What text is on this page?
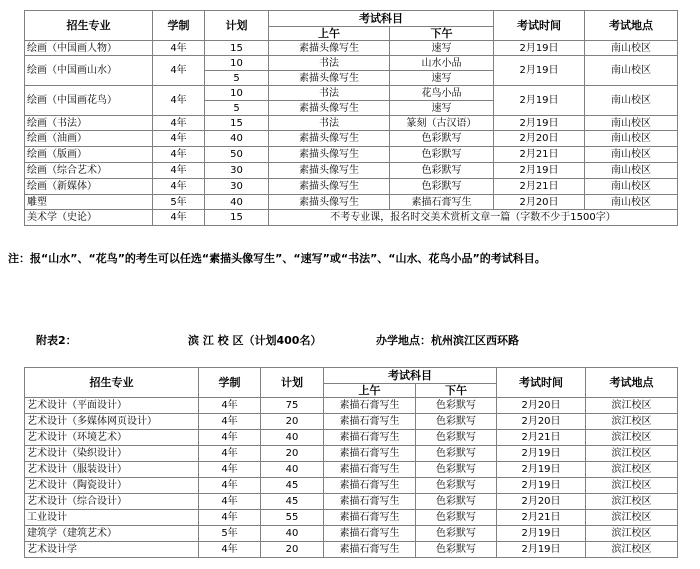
招生专业	学制	计划	考试科目		考试时间	考试地点
			上午	下午		
绘画（中国画人物）	4年	15	素描头像写生	速写	2月19日	南山校区
绘画（中国画山水）	4年	10	书法	山水小品	2月19日	南山校区
		5	素描头像写生	速写		
绘画（中国画花鸟）	4年	10	书法	花鸟小品	2月19日	南山校区
		5	素描头像写生	速写		
绘画（书法）	4年	15	书法	篆刻（古汉语）	2月19日	南山校区
绘画（油画）	4年	40	素描头像写生	色彩默写	2月20日	南山校区
绘画（版画）	4年	50	素描头像写生	色彩默写	2月21日	南山校区
绘画（综合艺术）	4年	30	素描头像写生	色彩默写	2月19日	南山校区
绘画（新媒体）	4年	30	素描头像写生	色彩默写	2月21日	南山校区
雕塑	5年	40	素描头像写生	素描石膏写生	2月20日	南山校区
美术学（史论）	4年	15	不考专业课，报名时交美术赏析文章一篇（字数不少于1500字）			
注：报“山水”、“花鸟”的考生可以任选“素描头像写生”、“速写”或“书法”、“山水、花鸟小品”的考试科目。
附表2：	滨 江 校 区（计划400名）	办学地点：杭州滨江区西环路
招生专业	学制	计划	考试科目		考试时间	考试地点
			上午	下午		
艺术设计（平面设计）	4年	75	素描石膏写生	色彩默写	2月20日	滨江校区
艺术设计（多媒体网页设计）	4年	20	素描石膏写生	色彩默写	2月20日	滨江校区
艺术设计（环境艺术）	4年	40	素描石膏写生	色彩默写	2月21日	滨江校区
艺术设计（染织设计）	4年	20	素描石膏写生	色彩默写	2月19日	滨江校区
艺术设计（服装设计）	4年	40	素描石膏写生	色彩默写	2月19日	滨江校区
艺术设计（陶瓷设计）	4年	45	素描石膏写生	色彩默写	2月19日	滨江校区
艺术设计（综合设计）	4年	45	素描石膏写生	色彩默写	2月20日	滨江校区
工业设计	4年	55	素描石膏写生	色彩默写	2月21日	滨江校区
建筑学（建筑艺术）	5年	40	素描石膏写生	色彩默写	2月19日	滨江校区
艺术设计学	4年	20	素描石膏写生	色彩默写	2月19日	滨江校区
